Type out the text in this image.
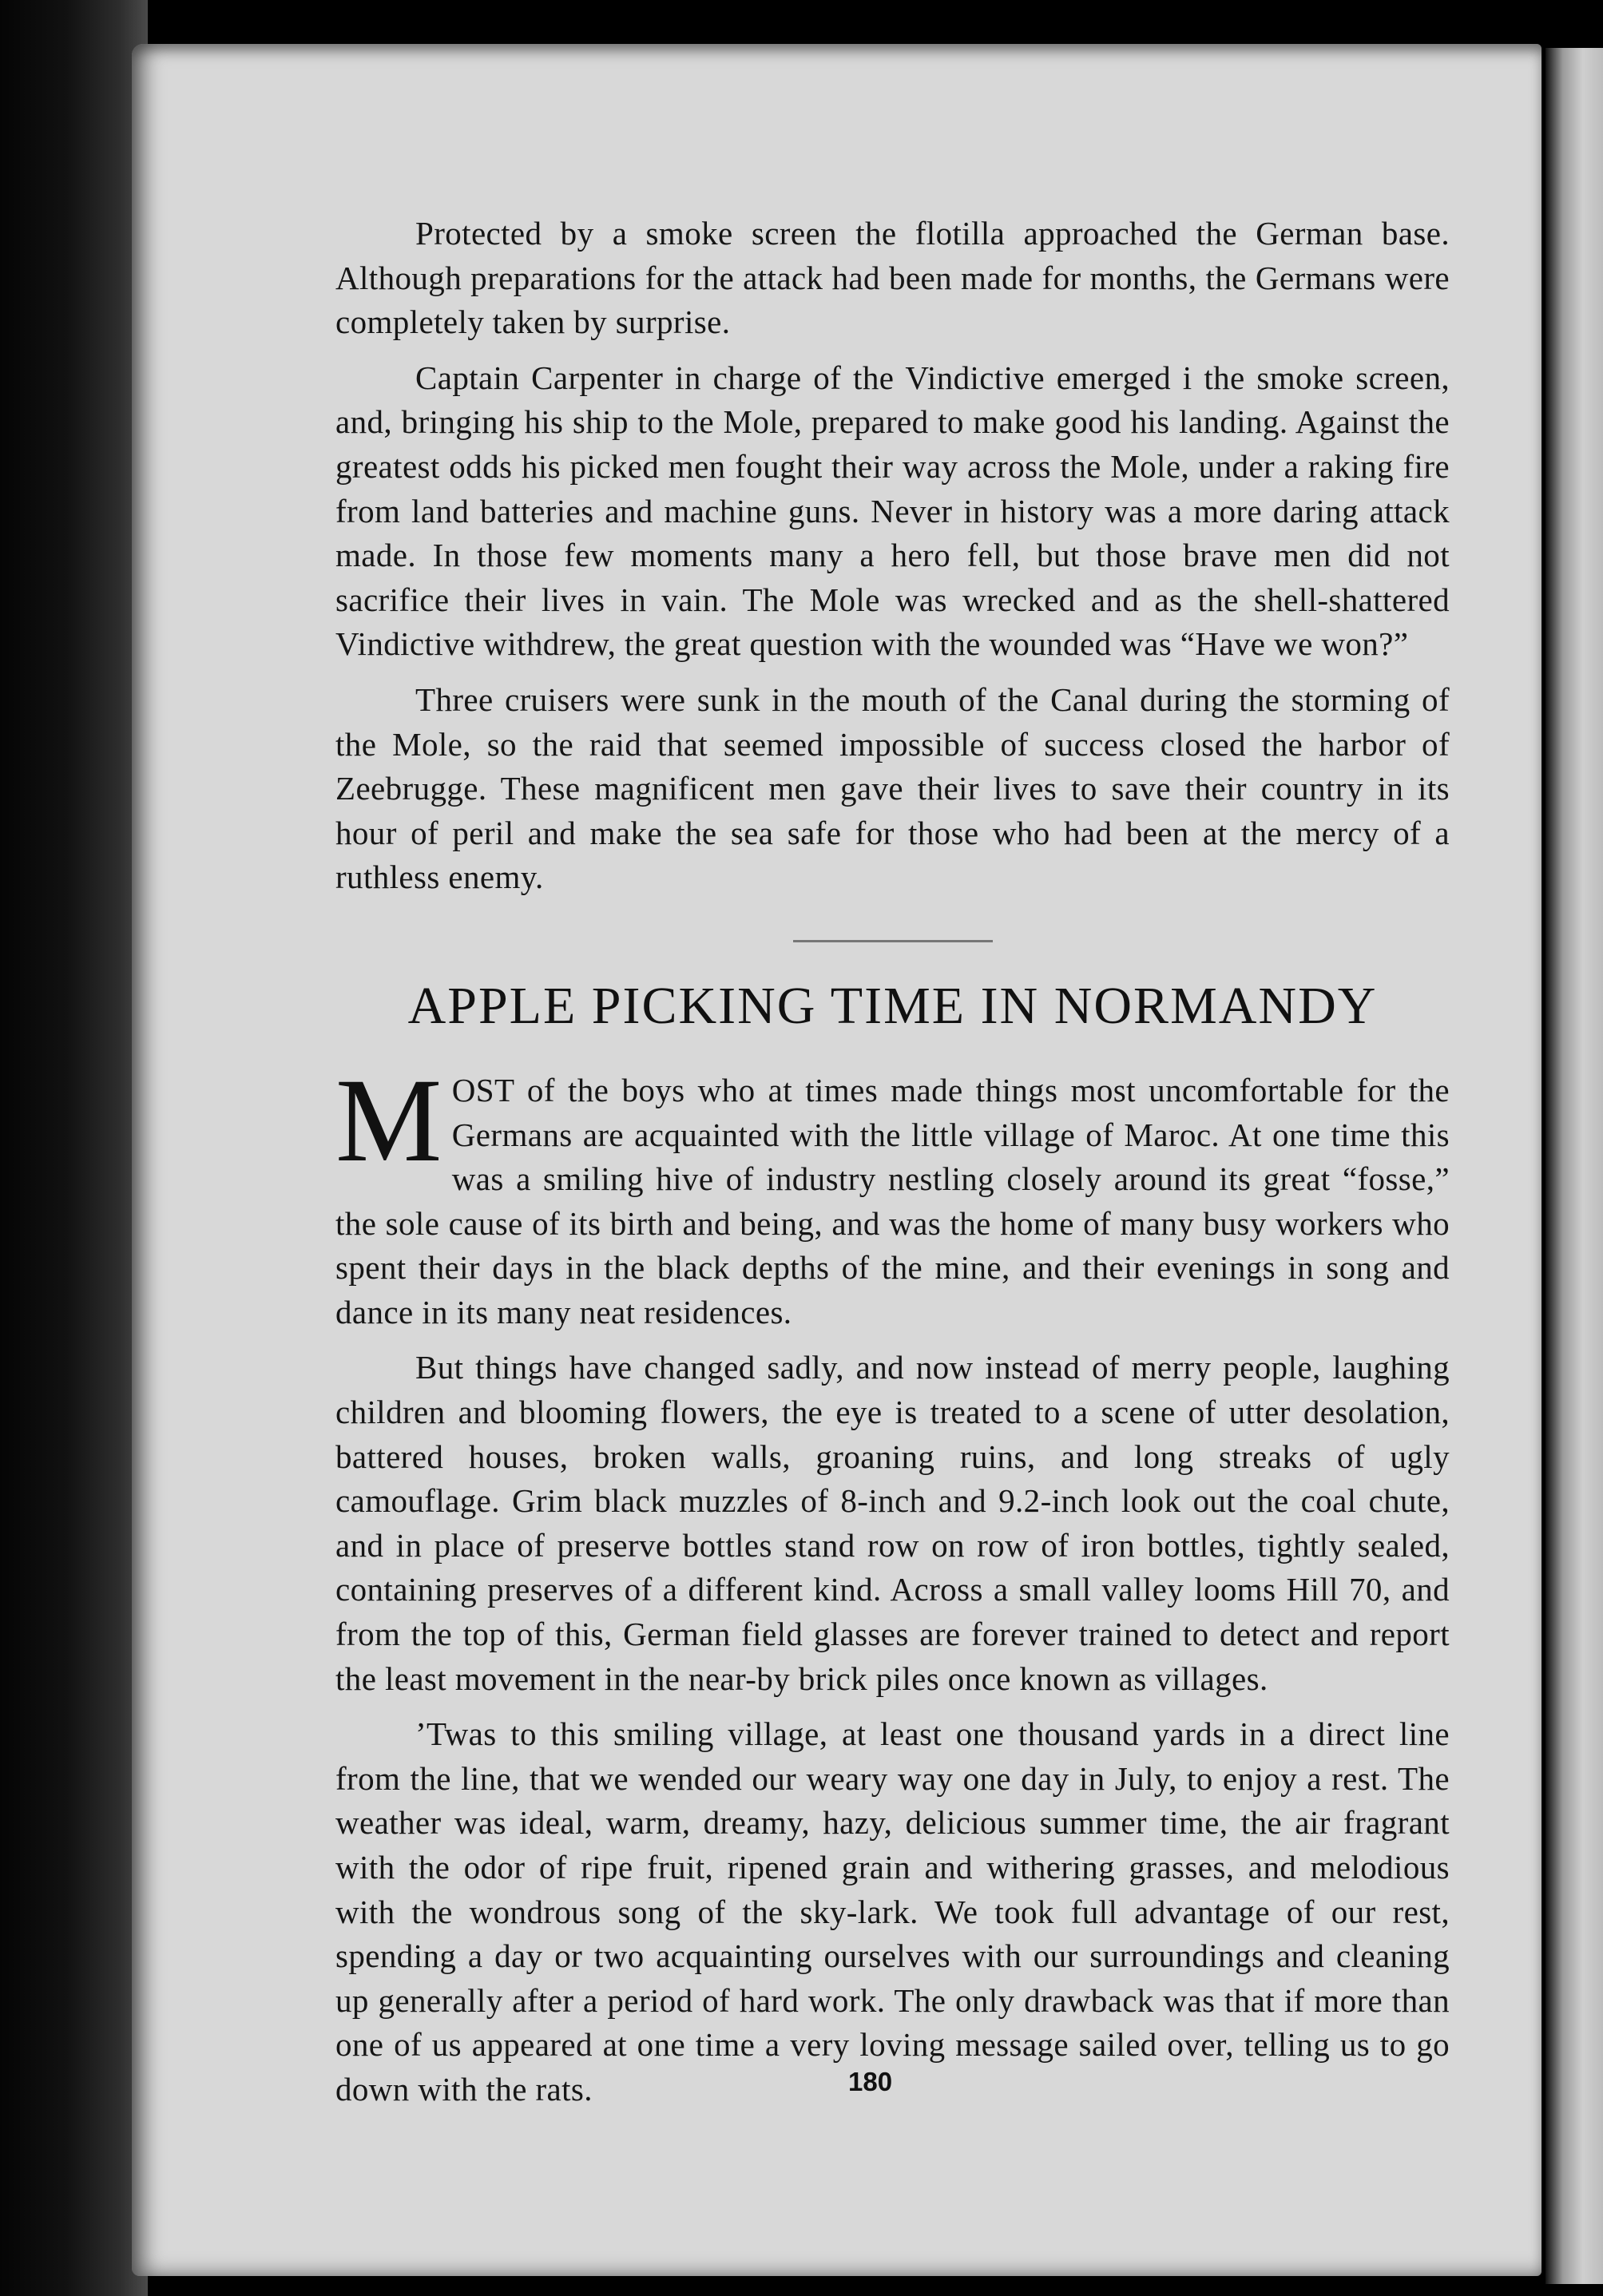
Protected by a smoke screen the flotilla approached the German base. Although preparations for the attack had been made for months, the Germans were completely taken by surprise.

Captain Carpenter in charge of the Vindictive emerged i the smoke screen, and, bringing his ship to the Mole, prepared to make good his landing. Against the greatest odds his picked men fought their way across the Mole, under a raking fire from land batteries and machine guns. Never in history was a more daring attack made. In those few moments many a hero fell, but those brave men did not sacrifice their lives in vain. The Mole was wrecked and as the shell-shattered Vindictive withdrew, the great question with the wounded was “Have we won?”

Three cruisers were sunk in the mouth of the Canal during the storming of the Mole, so the raid that seemed impossible of success closed the harbor of Zeebrugge. These magnificent men gave their lives to save their country in its hour of peril and make the sea safe for those who had been at the mercy of a ruthless enemy.

APPLE PICKING TIME IN NORMANDY

M OST of the boys who at times made things most uncomfortable for the Germans are acquainted with the little village of Maroc. At one time this was a smiling hive of industry nestling closely around its great “fosse,” the sole cause of its birth and being, and was the home of many busy workers who spent their days in the black depths of the mine, and their evenings in song and dance in its many neat residences.

But things have changed sadly, and now instead of merry people, laughing children and blooming flowers, the eye is treated to a scene of utter desolation, battered houses, broken walls, groaning ruins, and long streaks of ugly camouflage. Grim black muzzles of 8-inch and 9.2-inch look out the coal chute, and in place of preserve bottles stand row on row of iron bottles, tightly sealed, containing preserves of a different kind. Across a small valley looms Hill 70, and from the top of this, German field glasses are forever trained to detect and report the least movement in the near-by brick piles once known as villages.

’Twas to this smiling village, at least one thousand yards in a direct line from the line, that we wended our weary way one day in July, to enjoy a rest. The weather was ideal, warm, dreamy, hazy, delicious summer time, the air fragrant with the odor of ripe fruit, ripened grain and withering grasses, and melodious with the wondrous song of the sky-lark. We took full advantage of our rest, spending a day or two acquainting ourselves with our surroundings and cleaning up generally after a period of hard work. The only drawback was that if more than one of us appeared at one time a very loving message sailed over, telling us to go down with the rats.	180
